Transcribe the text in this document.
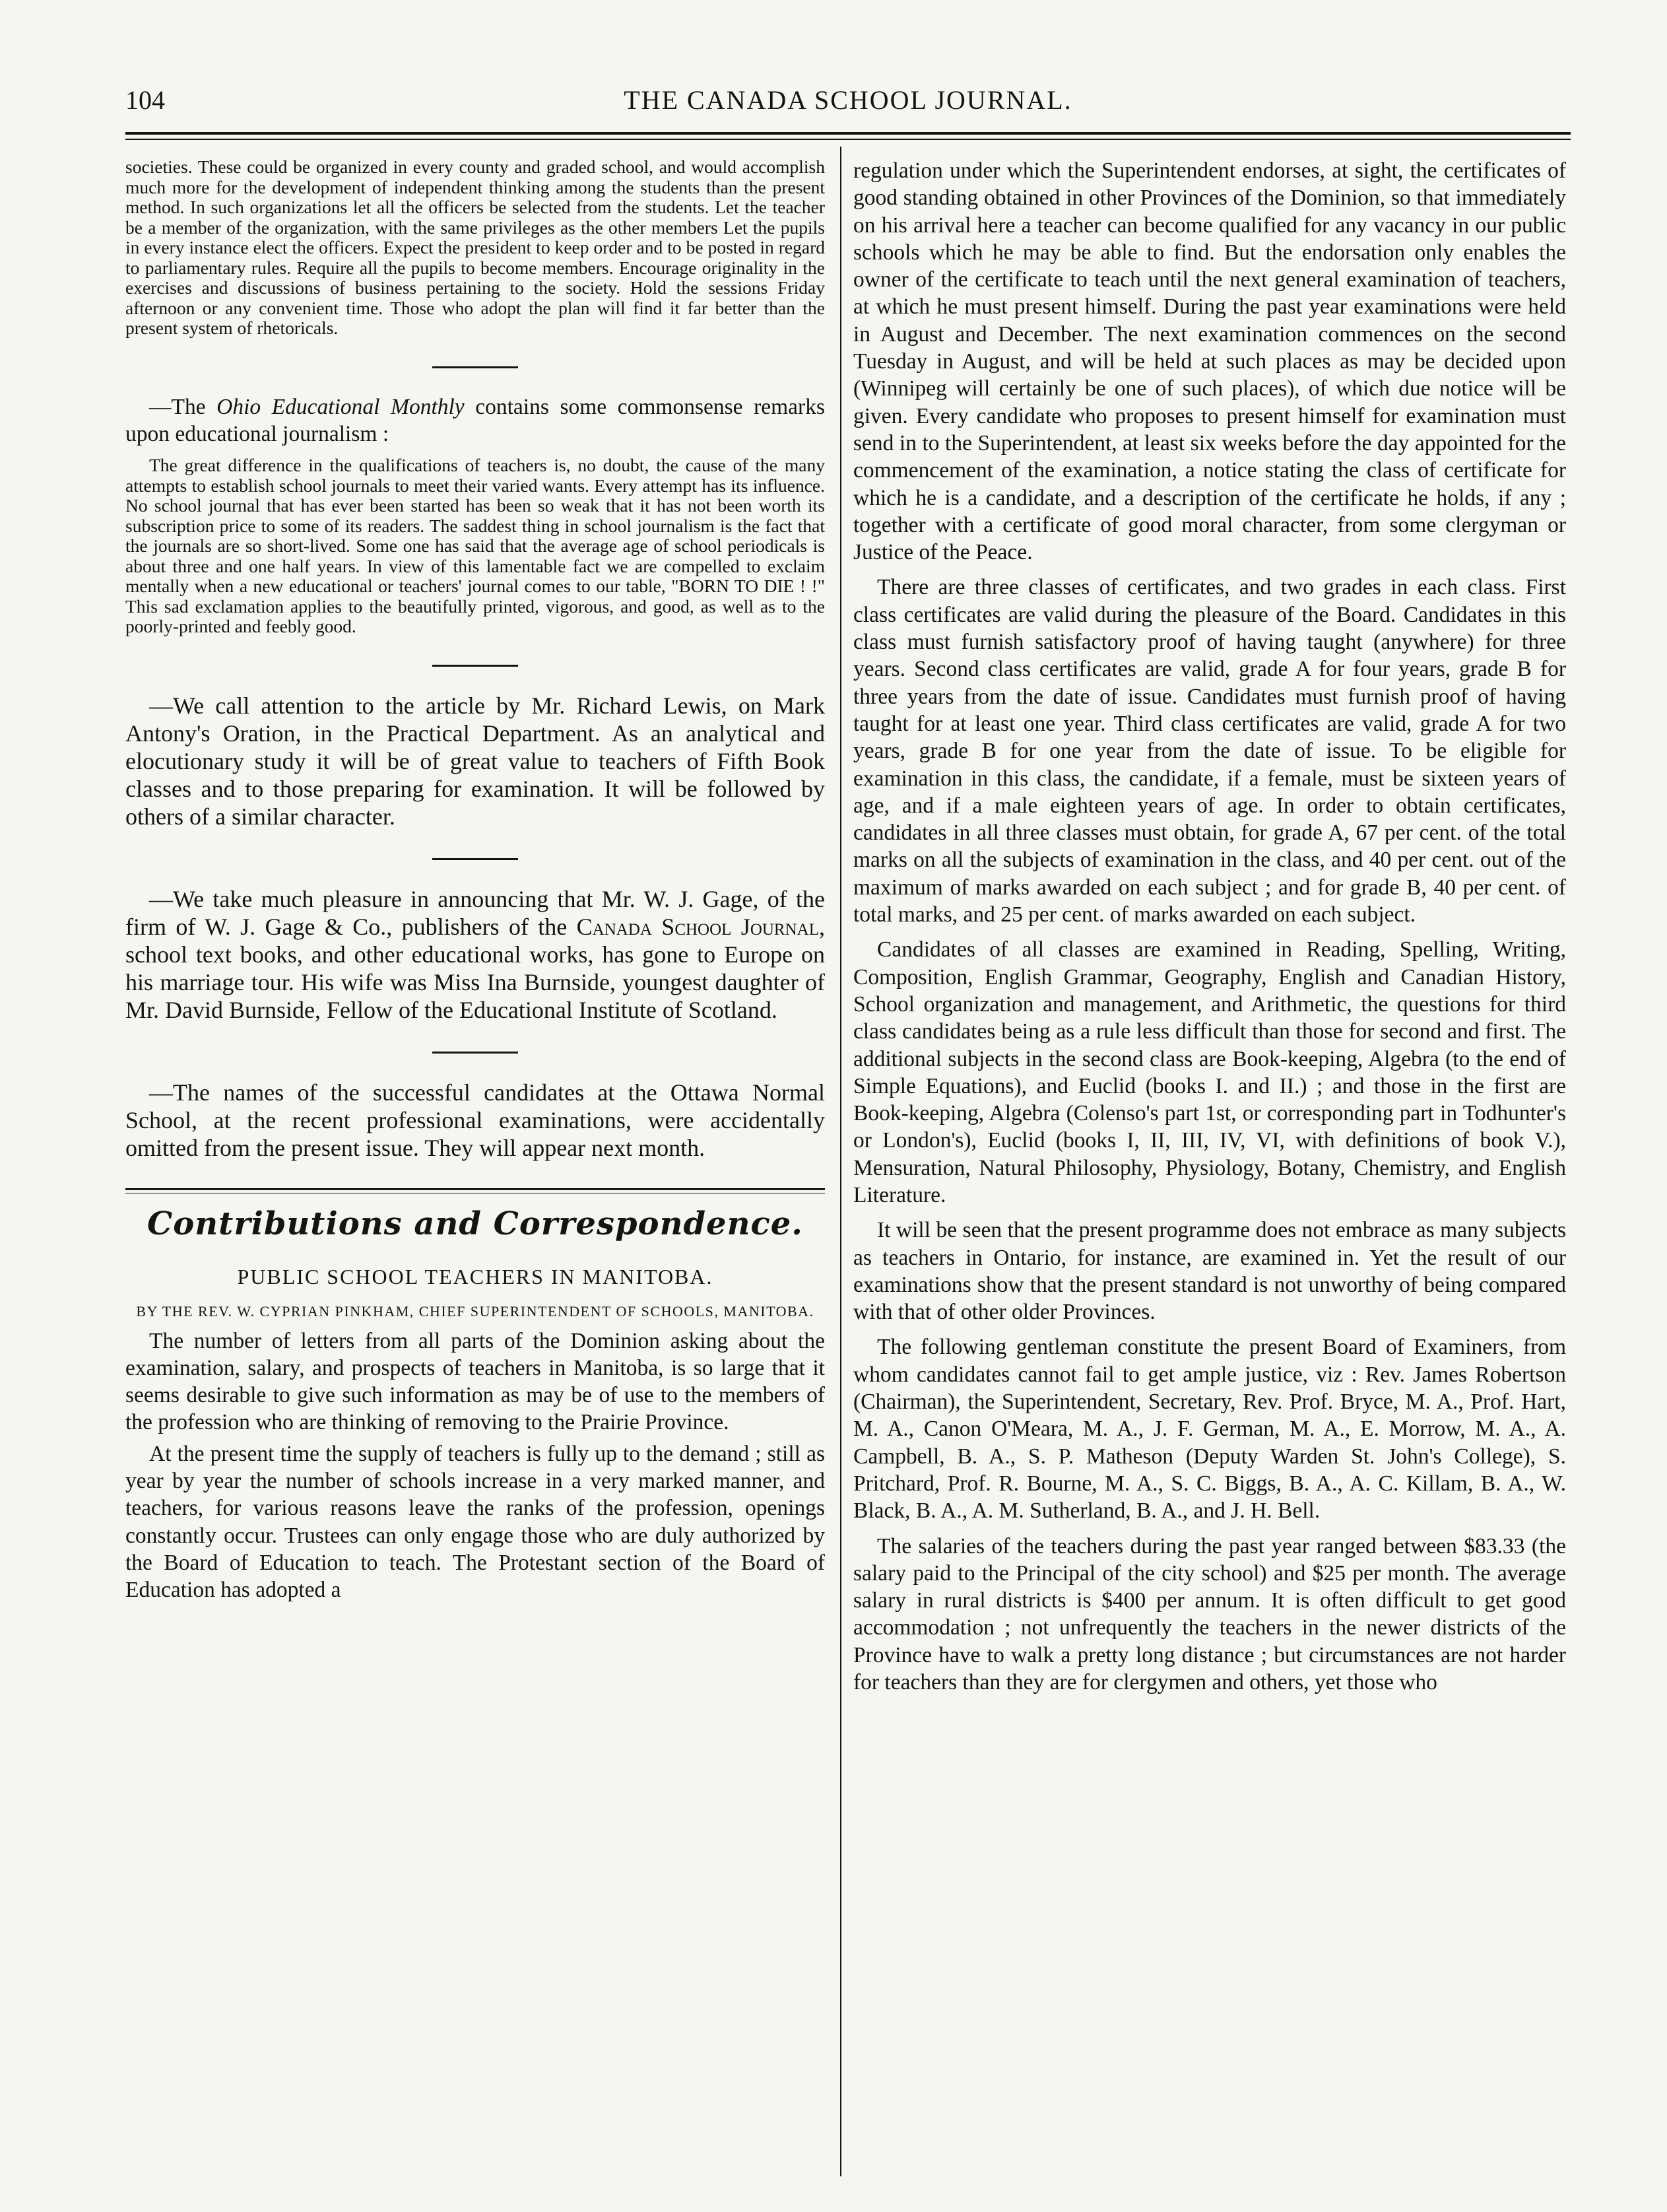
104	THE CANADA SCHOOL JOURNAL.

societies. These could be organized in every county and graded school, and would accomplish much more for the development of independent thinking among the students than the present method. In such organizations let all the officers be selected from the students. Let the teacher be a member of the organization, with the same privileges as the other members Let the pupils in every instance elect the officers. Expect the president to keep order and to be posted in regard to parliamentary rules. Require all the pupils to become members. Encourage originality in the exercises and discussions of business pertaining to the society. Hold the sessions Friday afternoon or any convenient time. Those who adopt the plan will find it far better than the present system of rhetoricals.

—The Ohio Educational Monthly contains some commonsense remarks upon educational journalism :

The great difference in the qualifications of teachers is, no doubt, the cause of the many attempts to establish school journals to meet their varied wants. Every attempt has its influence. No school journal that has ever been started has been so weak that it has not been worth its subscription price to some of its readers. The saddest thing in school journalism is the fact that the journals are so short-lived. Some one has said that the average age of school periodicals is about three and one half years. In view of this lamentable fact we are compelled to exclaim mentally when a new educational or teachers' journal comes to our table, "BORN TO DIE ! !" This sad exclamation applies to the beautifully printed, vigorous, and good, as well as to the poorly-printed and feebly good.

—We call attention to the article by Mr. Richard Lewis, on Mark Antony's Oration, in the Practical Department. As an analytical and elocutionary study it will be of great value to teachers of Fifth Book classes and to those preparing for examination. It will be followed by others of a similar character.

—We take much pleasure in announcing that Mr. W. J. Gage, of the firm of W. J. Gage & Co., publishers of the Canada School Journal, school text books, and other educational works, has gone to Europe on his marriage tour. His wife was Miss Ina Burnside, youngest daughter of Mr. David Burnside, Fellow of the Educational Institute of Scotland.

—The names of the successful candidates at the Ottawa Normal School, at the recent professional examinations, were accidentally omitted from the present issue. They will appear next month.

Contributions and Correspondence.
PUBLIC SCHOOL TEACHERS IN MANITOBA.
BY THE REV. W. CYPRIAN PINKHAM, CHIEF SUPERINTENDENT OF SCHOOLS, MANITOBA.

The number of letters from all parts of the Dominion asking about the examination, salary, and prospects of teachers in Manitoba, is so large that it seems desirable to give such information as may be of use to the members of the profession who are thinking of removing to the Prairie Province.

At the present time the supply of teachers is fully up to the demand ; still as year by year the number of schools increase in a very marked manner, and teachers, for various reasons leave the ranks of the profession, openings constantly occur. Trustees can only engage those who are duly authorized by the Board of Education to teach. The Protestant section of the Board of Education has adopted a

regulation under which the Superintendent endorses, at sight, the certificates of good standing obtained in other Provinces of the Dominion, so that immediately on his arrival here a teacher can become qualified for any vacancy in our public schools which he may be able to find. But the endorsation only enables the owner of the certificate to teach until the next general examination of teachers, at which he must present himself. During the past year examinations were held in August and December. The next examination commences on the second Tuesday in August, and will be held at such places as may be decided upon (Winnipeg will certainly be one of such places), of which due notice will be given. Every candidate who proposes to present himself for examination must send in to the Superintendent, at least six weeks before the day appointed for the commencement of the examination, a notice stating the class of certificate for which he is a candidate, and a description of the certificate he holds, if any ; together with a certificate of good moral character, from some clergyman or Justice of the Peace.

There are three classes of certificates, and two grades in each class. First class certificates are valid during the pleasure of the Board. Candidates in this class must furnish satisfactory proof of having taught (anywhere) for three years. Second class certificates are valid, grade A for four years, grade B for three years from the date of issue. Candidates must furnish proof of having taught for at least one year. Third class certificates are valid, grade A for two years, grade B for one year from the date of issue. To be eligible for examination in this class, the candidate, if a female, must be sixteen years of age, and if a male eighteen years of age. In order to obtain certificates, candidates in all three classes must obtain, for grade A, 67 per cent. of the total marks on all the subjects of examination in the class, and 40 per cent. out of the maximum of marks awarded on each subject ; and for grade B, 40 per cent. of total marks, and 25 per cent. of marks awarded on each subject.

Candidates of all classes are examined in Reading, Spelling, Writing, Composition, English Grammar, Geography, English and Canadian History, School organization and management, and Arithmetic, the questions for third class candidates being as a rule less difficult than those for second and first. The additional subjects in the second class are Book-keeping, Algebra (to the end of Simple Equations), and Euclid (books I. and II.) ; and those in the first are Book-keeping, Algebra (Colenso's part 1st, or corresponding part in Todhunter's or London's), Euclid (books I, II, III, IV, VI, with definitions of book V.), Mensuration, Natural Philosophy, Physiology, Botany, Chemistry, and English Literature.

It will be seen that the present programme does not embrace as many subjects as teachers in Ontario, for instance, are examined in. Yet the result of our examinations show that the present standard is not unworthy of being compared with that of other older Provinces.

The following gentleman constitute the present Board of Examiners, from whom candidates cannot fail to get ample justice, viz : Rev. James Robertson (Chairman), the Superintendent, Secretary, Rev. Prof. Bryce, M. A., Prof. Hart, M. A., Canon O'Meara, M. A., J. F. German, M. A., E. Morrow, M. A., A. Campbell, B. A., S. P. Matheson (Deputy Warden St. John's College), S. Pritchard, Prof. R. Bourne, M. A., S. C. Biggs, B. A., A. C. Killam, B. A., W. Black, B. A., A. M. Sutherland, B. A., and J. H. Bell.

The salaries of the teachers during the past year ranged between $83.33 (the salary paid to the Principal of the city school) and $25 per month. The average salary in rural districts is $400 per annum. It is often difficult to get good accommodation ; not unfrequently the teachers in the newer districts of the Province have to walk a pretty long distance ; but circumstances are not harder for teachers than they are for clergymen and others, yet those who
